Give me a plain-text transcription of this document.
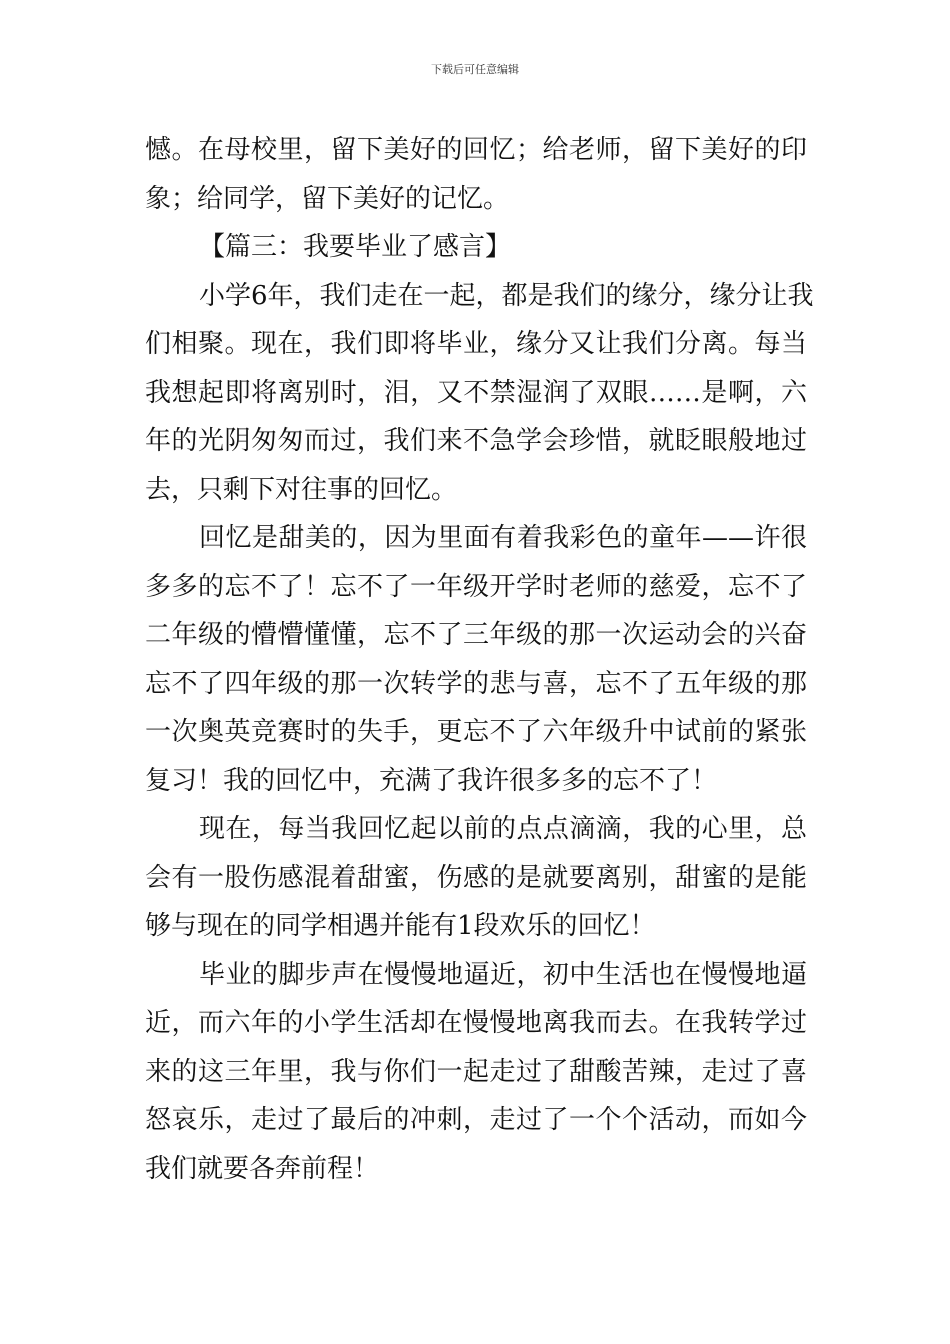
下载后可任意编辑
憾。在母校里，留下美好的回忆；给老师，留下美好的印
象；给同学，留下美好的记忆。
【篇三：我要毕业了感言】
小学6年，我们走在一起，都是我们的缘分，缘分让我
们相聚。现在，我们即将毕业，缘分又让我们分离。每当
我想起即将离别时，泪，又不禁湿润了双眼……是啊，六
年的光阴匆匆而过，我们来不急学会珍惜，就眨眼般地过
去，只剩下对往事的回忆。
回忆是甜美的，因为里面有着我彩色的童年——许很
多多的忘不了！忘不了一年级开学时老师的慈爱，忘不了
二年级的懵懵懂懂，忘不了三年级的那一次运动会的兴奋
忘不了四年级的那一次转学的悲与喜，忘不了五年级的那
一次奥英竞赛时的失手，更忘不了六年级升中试前的紧张
复习！我的回忆中，充满了我许很多多的忘不了！
现在，每当我回忆起以前的点点滴滴，我的心里，总
会有一股伤感混着甜蜜，伤感的是就要离别，甜蜜的是能
够与现在的同学相遇并能有1段欢乐的回忆！
毕业的脚步声在慢慢地逼近，初中生活也在慢慢地逼
近，而六年的小学生活却在慢慢地离我而去。在我转学过
来的这三年里，我与你们一起走过了甜酸苦辣，走过了喜
怒哀乐，走过了最后的冲刺，走过了一个个活动，而如今
我们就要各奔前程！
